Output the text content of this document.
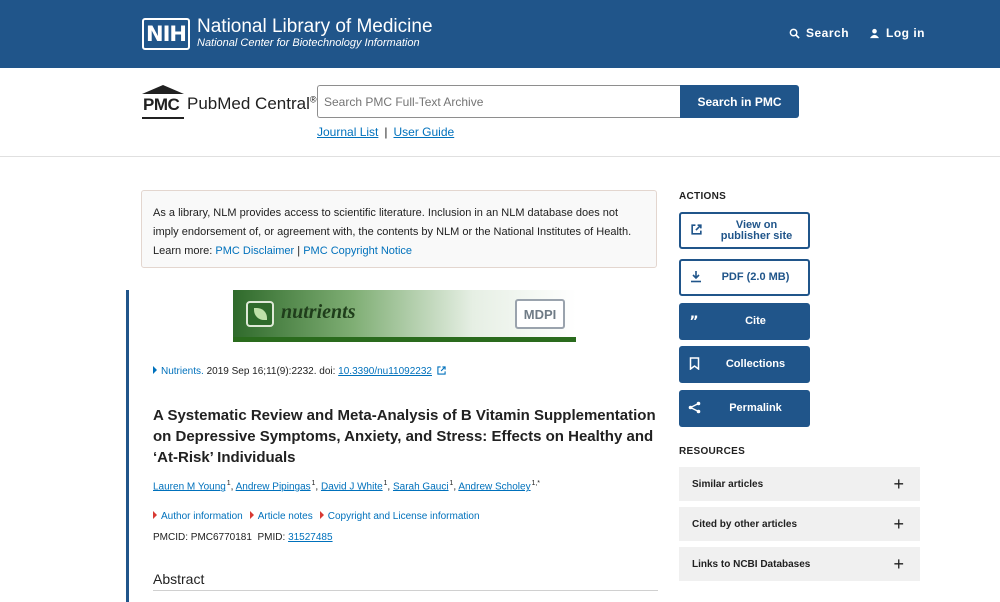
NIH National Library of Medicine
National Center for Biotechnology Information
Search	Log in
PMC PubMed Central®
Search PMC Full-Text Archive	Search in PMC
Journal List | User Guide
As a library, NLM provides access to scientific literature. Inclusion in an NLM database does not imply endorsement of, or agreement with, the contents by NLM or the National Institutes of Health. Learn more: PMC Disclaimer | PMC Copyright Notice
nutrients	MDPI
Nutrients. 2019 Sep 16;11(9):2232. doi: 10.3390/nu11092232
A Systematic Review and Meta-Analysis of B Vitamin Supplementation on Depressive Symptoms, Anxiety, and Stress: Effects on Healthy and ‘At-Risk’ Individuals
Lauren M Young $^1$, Andrew Pipingas $^1$, David J White $^1$, Sarah Gauci $^1$, Andrew Scholey $^{1,*}$
Author information	Article notes	Copyright and License information
PMCID: PMC6770181 PMID: 31527485
Abstract
ACTIONS
View on publisher site
PDF (2.0 MB)
”	Cite
Collections
Permalink
RESOURCES
Similar articles	+
Cited by other articles	+
Links to NCBI Databases	+
